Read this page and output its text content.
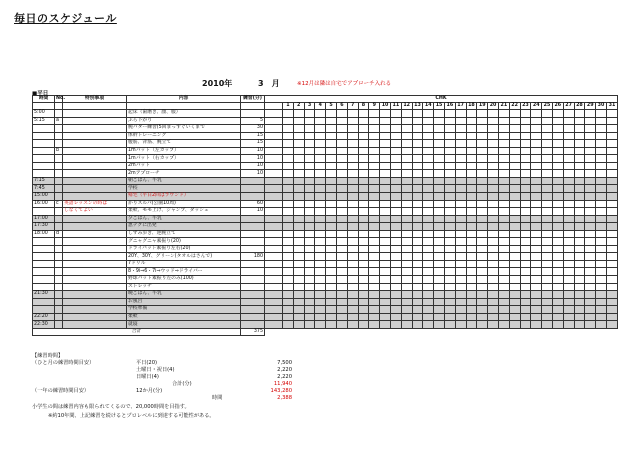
毎日のスケジュール
2010年	3　月	※12月は隣は自宅でアプローチ入れる
■平日
時間	No.	特別事項	内容	練習(分)	CHK																															
						1	2	3	4	5	6	7	8	9	10	11	12	13	14	15	16	17	18	19	20	21	22	23	24	25	26	27	28	29	30	31
5:00			起床（歯磨き、顔、服）																																	
5:15	a		ぶら下がり	5																																
			腕バター練習(5回まっすぐいくまで	30																																
			体幹トレーニング	15																																
			腹筋、背筋、腕立て	15																																
	b		1mパット（左カップ）	10																																
			1mパット（右カップ）	10																																
			2mパット	10																																
			2mアプローチ	10																																
7:15			朝ごはん、牛乳																																	
7:45			学校																																	
15:00			帰宅（平日2回はラウンド）																																	
16:00	c	英語レッスンの時は	かりスルパ(公園10周)	60																																
		しなくてよい	柔軟、モモ上げ、ジャンプ、ダッシュ	10																																
17:00			夕ごはん、牛乳																																	
17:30			恵テクに出発																																	
18:00	d		しずみ歩き、逆腕立て																																	
			グニャグニャ素振り(20)																																	
			ドライバット素振り左右(20)																																	
			20Y、30Y、グリーン(タオルはさんで)	180																																
			7ドリル																																	
			8・9i⇒6・7i⇒ウッド⇒ドライバー																																	
			野球バット素振り左のみ(100)																																	
			ストレッチ																																	
21:30			晩ごはん、牛乳																																	
			お風呂																																	
			学校準備																																	
22:20			柔軟																																	
22:30			就寝																																	
合計				375																																
【練習時間】
（ひと月の練習時間目安）	平日(20)	7,500
土曜日・祝日(4)	2,220
日曜日(4)	2,220
合計(分)	11,940
（一年の練習時間目安）	12か月(分)	143,280
時間	2,388
小学生の間は練習内容も限られてくるので、20,000時間を目指す。
※約10年間、上記練習を続けるとプロレベルに到達する可能性がある。
